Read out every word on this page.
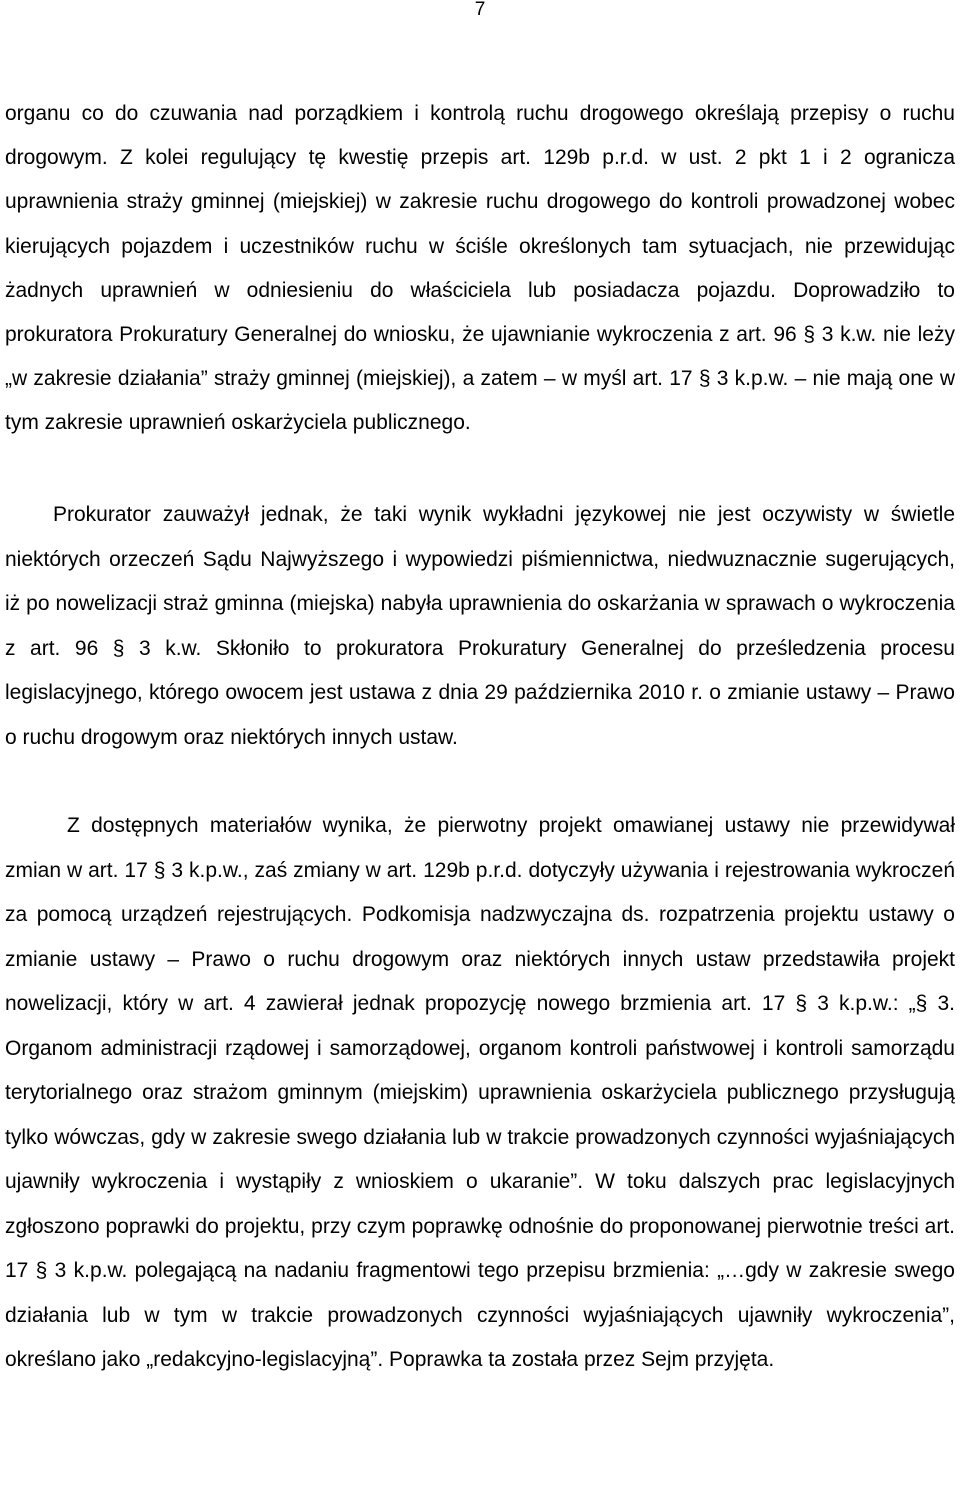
7

organu co do czuwania nad porządkiem i kontrolą ruchu drogowego określają przepisy o ruchu drogowym. Z kolei regulujący tę kwestię przepis art. 129b p.r.d. w ust. 2 pkt 1 i 2 ogranicza uprawnienia straży gminnej (miejskiej) w zakresie ruchu drogowego do kontroli prowadzonej wobec kierujących pojazdem i uczestników ruchu w ściśle określonych tam sytuacjach, nie przewidując żadnych uprawnień w odniesieniu do właściciela lub posiadacza pojazdu. Doprowadziło to prokuratora Prokuratury Generalnej do wniosku, że ujawnianie wykroczenia z art. 96 § 3 k.w. nie leży „w zakresie działania” straży gminnej (miejskiej), a zatem – w myśl art. 17 § 3 k.p.w. – nie mają one w tym zakresie uprawnień oskarżyciela publicznego.

Prokurator zauważył jednak, że taki wynik wykładni językowej nie jest oczywisty w świetle niektórych orzeczeń Sądu Najwyższego i wypowiedzi piśmiennictwa, niedwuznacznie sugerujących, iż po nowelizacji straż gminna (miejska) nabyła uprawnienia do oskarżania w sprawach o wykroczenia z art. 96 § 3 k.w. Skłoniło to prokuratora Prokuratury Generalnej do prześledzenia procesu legislacyjnego, którego owocem jest ustawa z dnia 29 października 2010 r. o zmianie ustawy – Prawo o ruchu drogowym oraz niektórych innych ustaw.

Z dostępnych materiałów wynika, że pierwotny projekt omawianej ustawy nie przewidywał zmian w art. 17 § 3 k.p.w., zaś zmiany w art. 129b p.r.d. dotyczyły używania i rejestrowania wykroczeń za pomocą urządzeń rejestrujących. Podkomisja nadzwyczajna ds. rozpatrzenia projektu ustawy o zmianie ustawy – Prawo o ruchu drogowym oraz niektórych innych ustaw przedstawiła projekt nowelizacji, który w art. 4 zawierał jednak propozycję nowego brzmienia art. 17 § 3 k.p.w.: „§ 3. Organom administracji rządowej i samorządowej, organom kontroli państwowej i kontroli samorządu terytorialnego oraz strażom gminnym (miejskim) uprawnienia oskarżyciela publicznego przysługują tylko wówczas, gdy w zakresie swego działania lub w trakcie prowadzonych czynności wyjaśniających ujawniły wykroczenia i wystąpiły z wnioskiem o ukaranie”. W toku dalszych prac legislacyjnych zgłoszono poprawki do projektu, przy czym poprawkę odnośnie do proponowanej pierwotnie treści art. 17 § 3 k.p.w. polegającą na nadaniu fragmentowi tego przepisu brzmienia: „…gdy w zakresie swego działania lub w tym w trakcie prowadzonych czynności wyjaśniających ujawniły wykroczenia”, określano jako „redakcyjno-legislacyjną”. Poprawka ta została przez Sejm przyjęta.
